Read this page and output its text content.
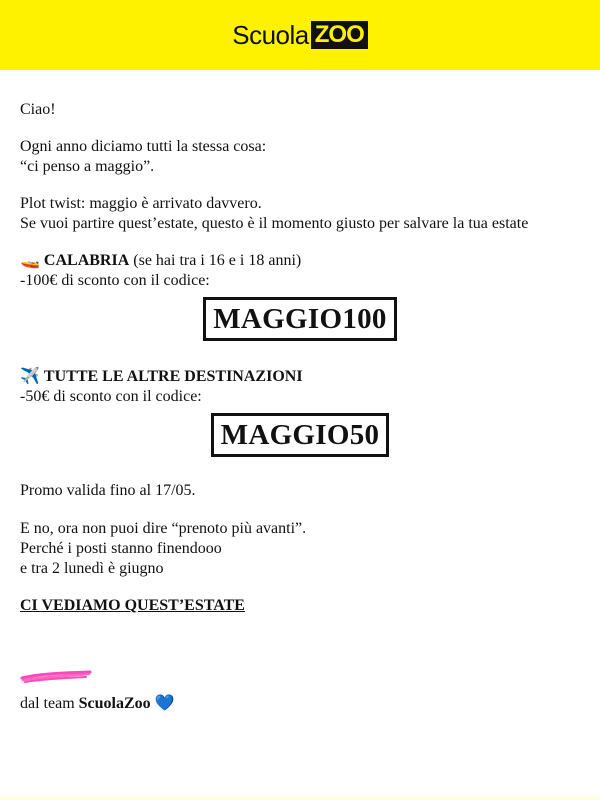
Scuola ZOO

Ciao!

Ogni anno diciamo tutti la stessa cosa:
“ci penso a maggio”.

Plot twist: maggio è arrivato davvero.
Se vuoi partire quest’estate, questo è il momento giusto per salvare la tua estate

🚤 CALABRIA (se hai tra i 16 e i 18 anni)
-100€ di sconto con il codice:

MAGGIO100

✈️ TUTTE LE ALTRE DESTINAZIONI
-50€ di sconto con il codice:

MAGGIO50

Promo valida fino al 17/05.

E no, ora non puoi dire “prenoto più avanti”.
Perché i posti stanno finendooo
e tra 2 lunedì è giugno

CI VEDIAMO QUEST’ESTATE

dal team ScuolaZoo 💙
